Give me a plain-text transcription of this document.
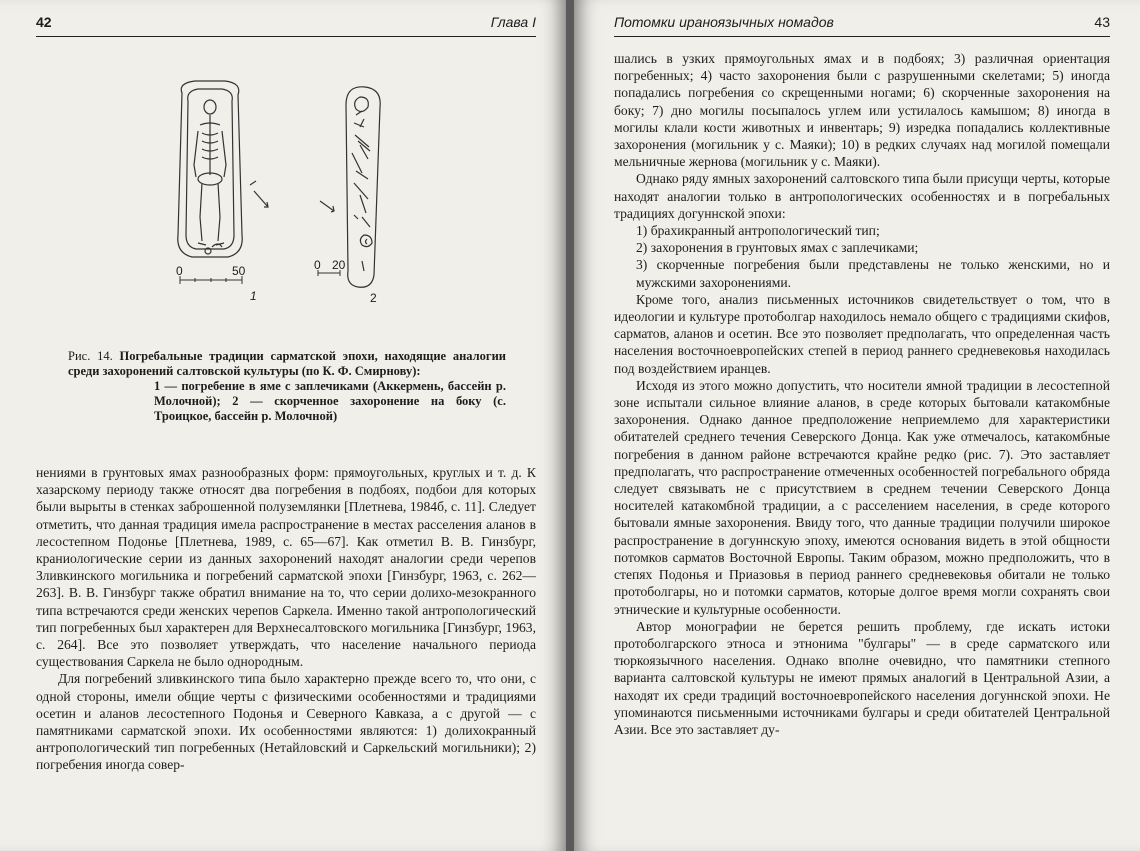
42	Глава I
0	50	0 20
1	2
Рис. 14. Погребальные традиции сарматской эпохи, находящие аналогии среди захоронений салтовской культуры (по К. Ф. Смирнову):
1 — погребение в яме с заплечиками (Аккермень, бассейн р. Молочной); 2 — скорченное захоронение на боку (с. Троицкое, бассейн р. Молочной)

нениями в грунтовых ямах разнообразных форм: прямоугольных, круглых и т. д. К хазарскому периоду также относят два погребения в подбоях, подбои для которых были вырыты в стенках заброшенной полуземлянки [Плетнева, 1984б, с. 11]. Следует отметить, что данная традиция имела распространение в местах расселения аланов в лесостепном Подонье [Плетнева, 1989, с. 65—67]. Как отметил В. В. Гинзбург, краниологические серии из данных захоронений находят аналогии среди черепов Зливкинского могильника и погребений сарматской эпохи [Гинзбург, 1963, с. 262—263]. В. В. Гинзбург также обратил внимание на то, что серии долихо-мезокранного типа встречаются среди женских черепов Саркела. Именно такой антропологический тип погребенных был характерен для Верхнесалтовского могильника [Гинзбург, 1963, с. 264]. Все это позволяет утверждать, что население начального периода существования Саркела не было однородным.

Для погребений зливкинского типа было характерно прежде всего то, что они, с одной стороны, имели общие черты с физическими особенностями и традициями осетин и аланов лесостепного Подонья и Северного Кавказа, а с другой — с памятниками сарматской эпохи. Их особенностями являются: 1) долихокранный антропологический тип погребенных (Нетайловский и Саркельский могильники); 2) погребения иногда совер-

Потомки ираноязычных номадов	43

шались в узких прямоугольных ямах и в подбоях; 3) различная ориентация погребенных; 4) часто захоронения были с разрушенными скелетами; 5) иногда попадались погребения со скрещенными ногами; 6) скорченные захоронения на боку; 7) дно могилы посыпалось углем или устилалось камышом; 8) иногда в могилы клали кости животных и инвентарь; 9) изредка попадались коллективные захоронения (могильник у с. Маяки); 10) в редких случаях над могилой помещали мельничные жернова (могильник у с. Маяки).

Однако ряду ямных захоронений салтовского типа были присущи черты, которые находят аналогии только в антропологических особенностях и в погребальных традициях догуннской эпохи:

1) брахикранный антропологический тип;

2) захоронения в грунтовых ямах с заплечиками;

3) скорченные погребения были представлены не только женскими, но и мужскими захоронениями.

Кроме того, анализ письменных источников свидетельствует о том, что в идеологии и культуре протоболгар находилось немало общего с традициями скифов, сарматов, аланов и осетин. Все это позволяет предполагать, что определенная часть населения восточноевропейских степей в период раннего средневековья находилась под воздействием иранцев.

Исходя из этого можно допустить, что носители ямной традиции в лесостепной зоне испытали сильное влияние аланов, в среде которых бытовали катакомбные захоронения. Однако данное предположение неприемлемо для характеристики обитателей среднего течения Северского Донца. Как уже отмечалось, катакомбные погребения в данном районе встречаются крайне редко (рис. 7). Это заставляет предполагать, что распространение отмеченных особенностей погребального обряда следует связывать не с присутствием в среднем течении Северского Донца носителей катакомбной традиции, а с расселением населения, в среде которого бытовали ямные захоронения. Ввиду того, что данные традиции получили широкое распространение в догуннскую эпоху, имеются основания видеть в этой общности потомков сарматов Восточной Европы. Таким образом, можно предположить, что в степях Подонья и Приазовья в период раннего средневековья обитали не только протоболгары, но и потомки сарматов, которые долгое время могли сохранять свои этнические и культурные особенности.

Автор монографии не берется решить проблему, где искать истоки протоболгарского этноса и этнонима "булгары" — в среде сарматского или тюркоязычного населения. Однако вполне очевидно, что памятники степного варианта салтовской культуры не имеют прямых аналогий в Центральной Азии, а находят их среди традиций восточноевропейского населения догуннской эпохи. Не упоминаются письменными источниками булгары и среди обитателей Центральной Азии. Все это заставляет ду-
